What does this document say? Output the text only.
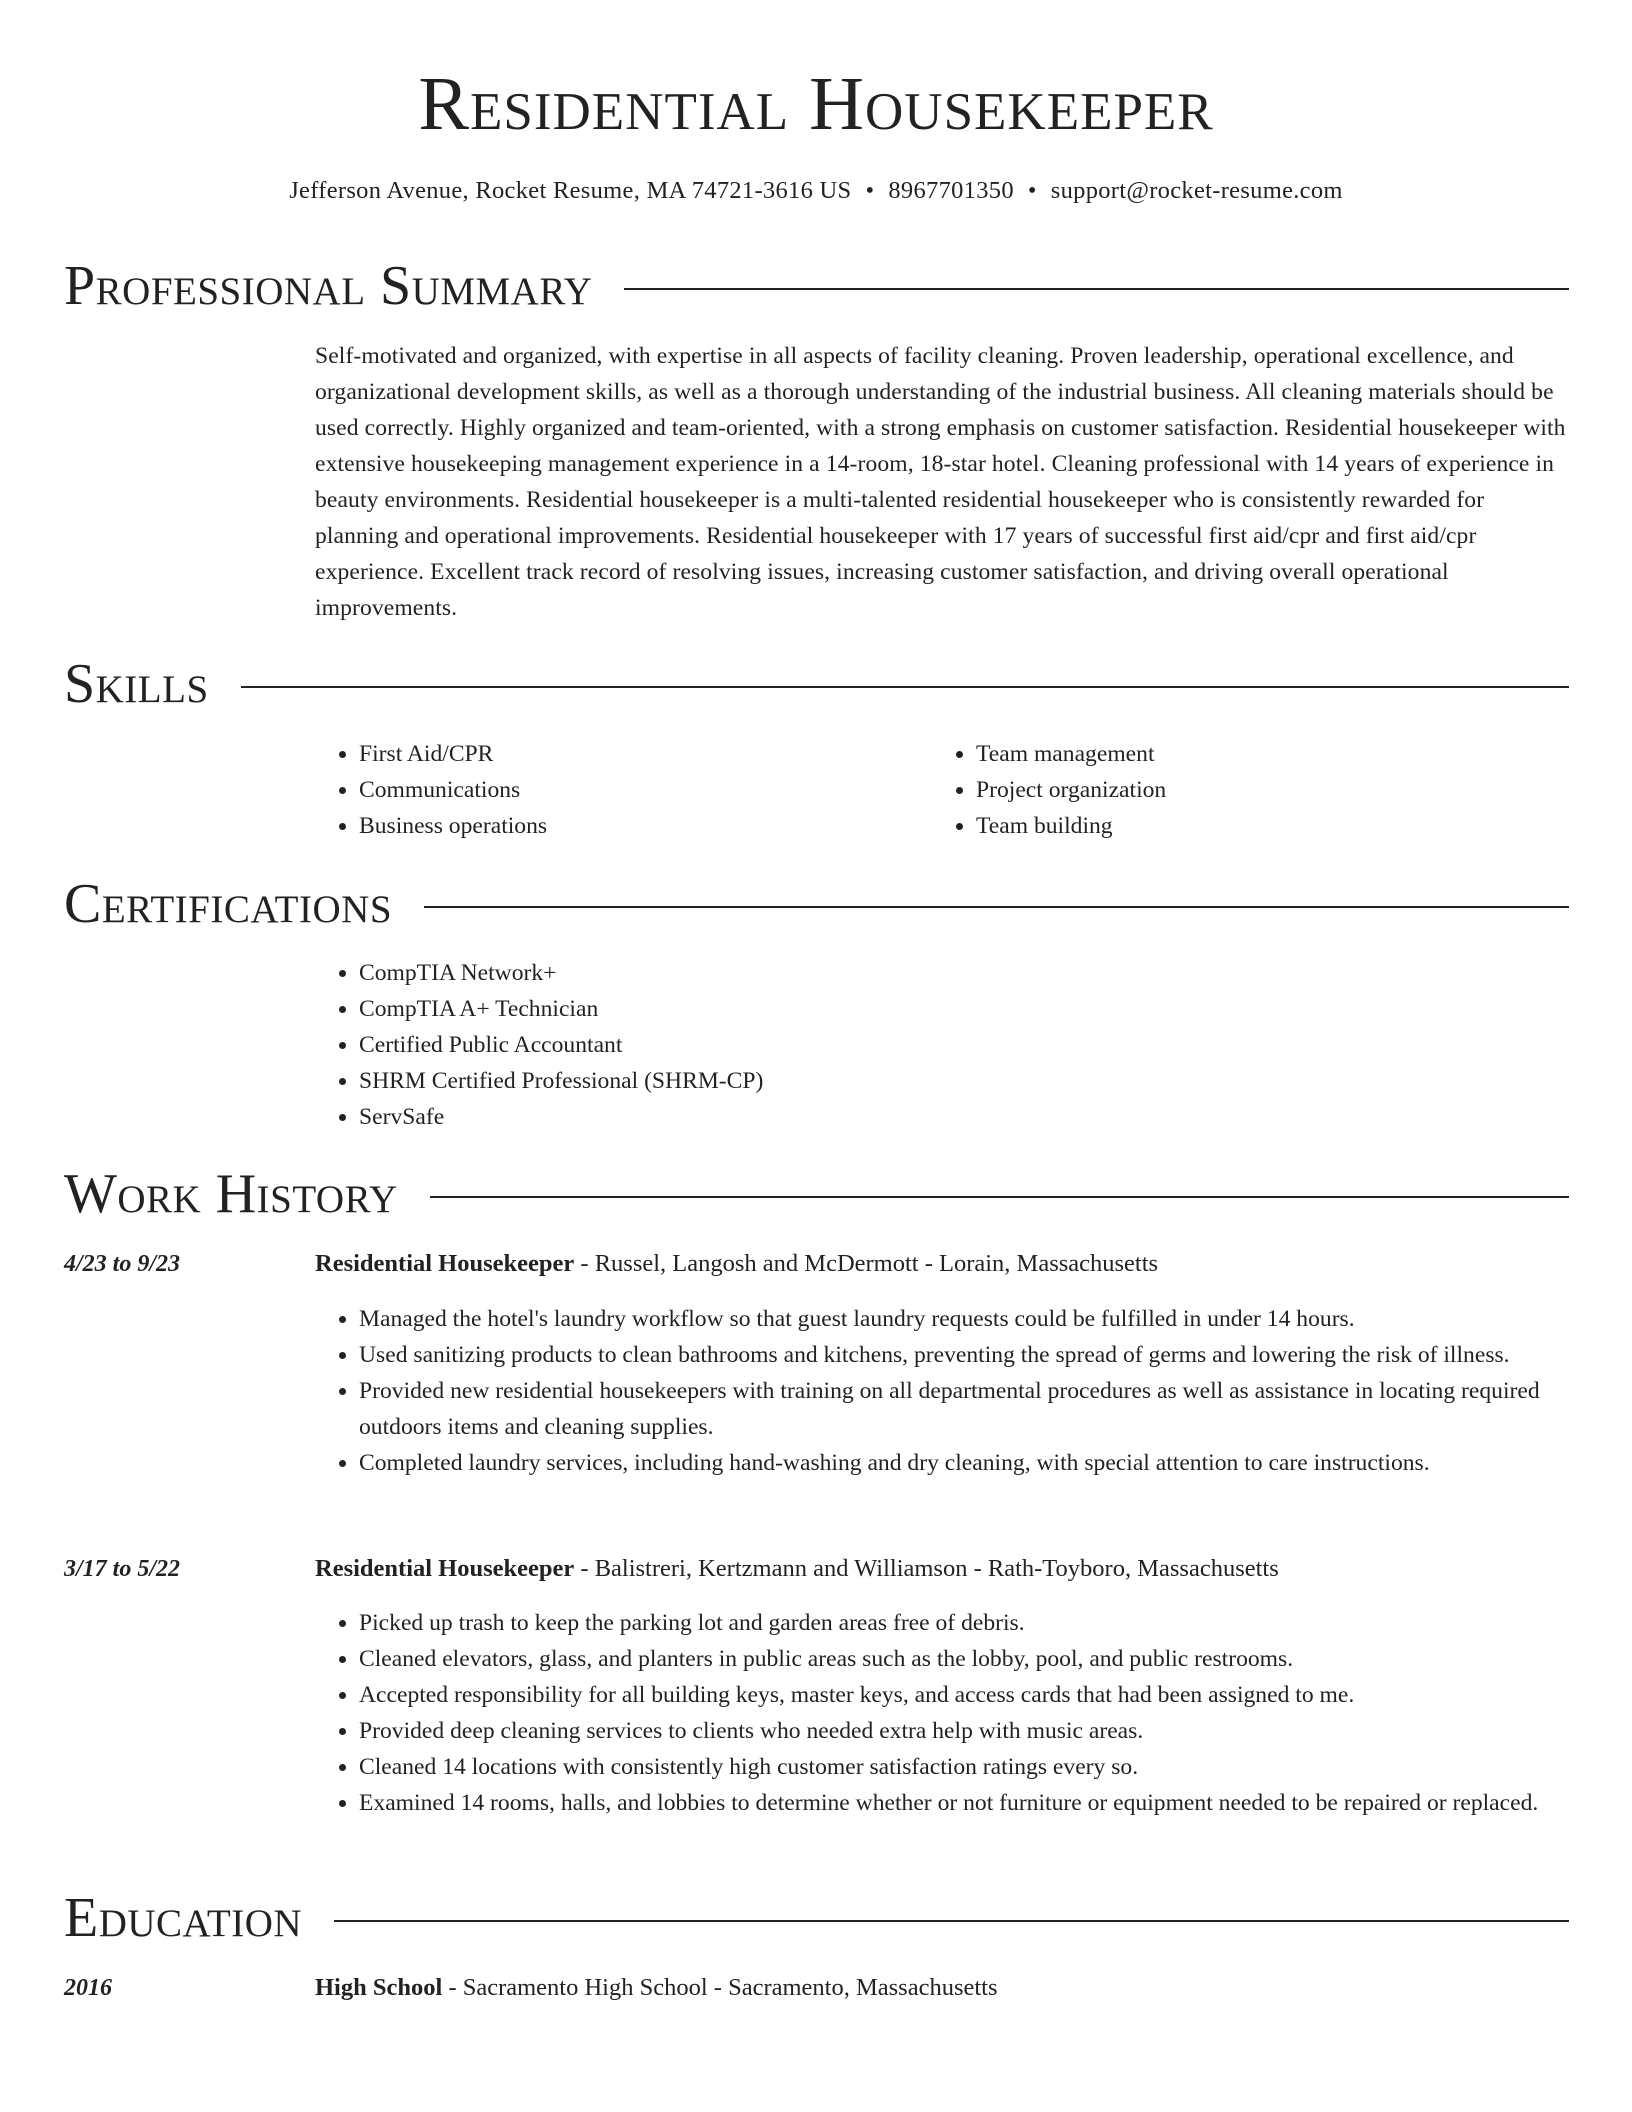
Residential Housekeeper
Jefferson Avenue, Rocket Resume, MA 74721-3616 US • 8967701350 • support@rocket-resume.com
Professional Summary

Self-motivated and organized, with expertise in all aspects of facility cleaning. Proven leadership, operational excellence, and organizational development skills, as well as a thorough understanding of the industrial business. All cleaning materials should be used correctly. Highly organized and team-oriented, with a strong emphasis on customer satisfaction. Residential housekeeper with extensive housekeeping management experience in a 14-room, 18-star hotel. Cleaning professional with 14 years of experience in beauty environments. Residential housekeeper is a multi-talented residential housekeeper who is consistently rewarded for planning and operational improvements. Residential housekeeper with 17 years of successful first aid/cpr and first aid/cpr experience. Excellent track record of resolving issues, increasing customer satisfaction, and driving overall operational improvements.

Skills
• First Aid/CPR
• Communications
• Business operations
• Team management
• Project organization
• Team building
Certifications
• CompTIA Network+
• CompTIA A+ Technician
• Certified Public Accountant
• SHRM Certified Professional (SHRM-CP)
• ServSafe
Work History
4/23 to 9/23	Residential Housekeeper - Russel, Langosh and McDermott - Lorain, Massachusetts
• Managed the hotel's laundry workflow so that guest laundry requests could be fulfilled in under 14 hours.
• Used sanitizing products to clean bathrooms and kitchens, preventing the spread of germs and lowering the risk of illness.
• Provided new residential housekeepers with training on all departmental procedures as well as assistance in locating required outdoors items and cleaning supplies.
• Completed laundry services, including hand-washing and dry cleaning, with special attention to care instructions.
3/17 to 5/22	Residential Housekeeper - Balistreri, Kertzmann and Williamson - Rath-Toyboro, Massachusetts
• Picked up trash to keep the parking lot and garden areas free of debris.
• Cleaned elevators, glass, and planters in public areas such as the lobby, pool, and public restrooms.
• Accepted responsibility for all building keys, master keys, and access cards that had been assigned to me.
• Provided deep cleaning services to clients who needed extra help with music areas.
• Cleaned 14 locations with consistently high customer satisfaction ratings every so.
• Examined 14 rooms, halls, and lobbies to determine whether or not furniture or equipment needed to be repaired or replaced.
Education
2016	High School - Sacramento High School - Sacramento, Massachusetts
